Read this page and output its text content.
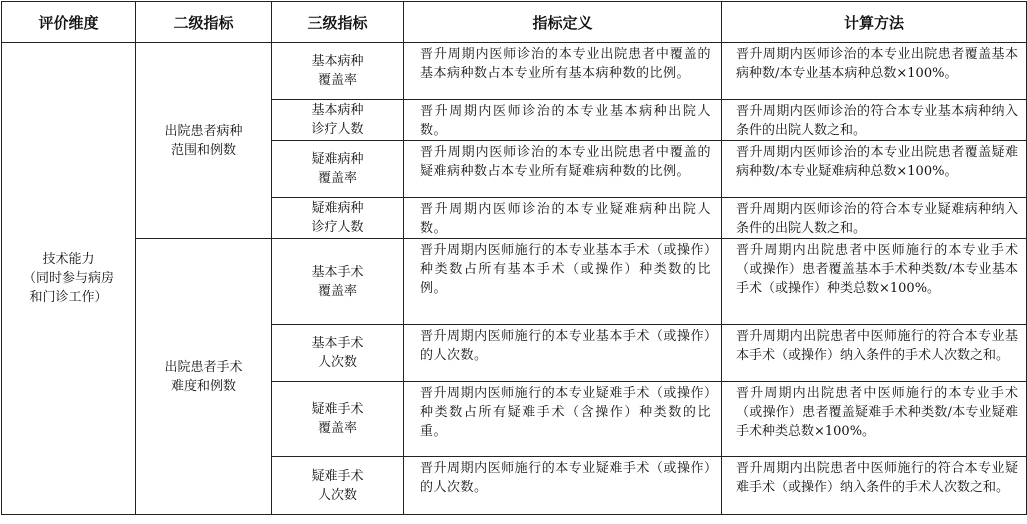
评价维度	二级指标	三级指标	指标定义	计算方法
技术能力
（同时参与病房
和门诊工作）	出院患者病种
范围和例数	基本病种
覆盖率	晋升周期内医师诊治的本专业出院患者中覆盖的基本病种数占本专业所有基本病种数的比例。	晋升周期内医师诊治的本专业出院患者覆盖基本病种数/本专业基本病种总数×100%。
		基本病种
诊疗人数	晋升周期内医师诊治的本专业基本病种出院人数。	晋升周期内医师诊治的符合本专业基本病种纳入条件的出院人数之和。
		疑难病种
覆盖率	晋升周期内医师诊治的本专业出院患者中覆盖的疑难病种数占本专业所有疑难病种数的比例。	晋升周期内医师诊治的本专业出院患者覆盖疑难病种数/本专业疑难病种总数×100%。
		疑难病种
诊疗人数	晋升周期内医师诊治的本专业疑难病种出院人数。	晋升周期内医师诊治的符合本专业疑难病种纳入条件的出院人数之和。
	出院患者手术
难度和例数	基本手术
覆盖率	晋升周期内医师施行的本专业基本手术（或操作）种类数占所有基本手术（或操作）种类数的比例。	晋升周期内出院患者中医师施行的本专业手术（或操作）患者覆盖基本手术种类数/本专业基本手术（或操作）种类总数×100%。
		基本手术
人次数	晋升周期内医师施行的本专业基本手术（或操作）的人次数。	晋升周期内出院患者中医师施行的符合本专业基本手术（或操作）纳入条件的手术人次数之和。
		疑难手术
覆盖率	晋升周期内医师施行的本专业疑难手术（或操作）种类数占所有疑难手术（含操作）种类数的比重。	晋升周期内出院患者中医师施行的本专业手术（或操作）患者覆盖疑难手术种类数/本专业疑难手术种类总数×100%。
		疑难手术
人次数	晋升周期内医师施行的本专业疑难手术（或操作）的人次数。	晋升周期内出院患者中医师施行的符合本专业疑难手术（或操作）纳入条件的手术人次数之和。
